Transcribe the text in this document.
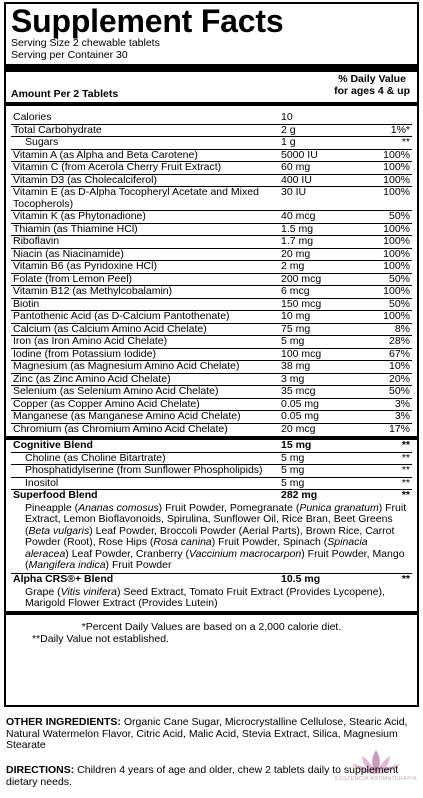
Supplement Facts
Serving Size 2 chewable tablets
Serving per Container 30
Amount Per 2 Tablets
% Daily Value
for ages 4 & up
Calories	10
Total Carbohydrate	2 g	1%*
Sugars	1 g	**
Vitamin A (as Alpha and Beta Carotene)	5000 IU	100%
Vitamin C (from Acerola Cherry Fruit Extract)	60 mg	100%
Vitamin D3 (as Cholecalciferol)	400 IU	100%
Vitamin E (as D-Alpha Tocopheryl Acetate and Mixed Tocopherols)
30 IU	100%
Vitamin K (as Phytonadione)	40 mcg	50%
Thiamin (as Thiamine HCl)	1.5 mg	100%
Riboflavin	1.7 mg	100%
Niacin (as Niacinamide)	20 mg	100%
Vitamin B6 (as Pyridoxine HCl)	2 mg	100%
Folate (from Lemon Peel)	200 mcg	50%
Vitamin B12 (as Methylcobalamin)	6 mcg	100%
Biotin	150 mcg	50%
Pantothenic Acid (as D-Calcium Pantothenate)	10 mg	100%
Calcium (as Calcium Amino Acid Chelate)	75 mg	8%
Iron (as Iron Amino Acid Chelate)	5 mg	28%
Iodine (from Potassium Iodide)	100 mcg	67%
Magnesium (as Magnesium Amino Acid Chelate)	38 mg	10%
Zinc (as Zinc Amino Acid Chelate)	3 mg	20%
Selenium (as Selenium Amino Acid Chelate)	35 mcg	50%
Copper (as Copper Amino Acid Chelate)	0.05 mg	3%
Manganese (as Manganese Amino Acid Chelate)	0.05 mg	3%
Chromium (as Chromium Amino Acid Chelate)	20 mcg	17%
Cognitive Blend	15 mg	**
Choline (as Choline Bitartrate)	5 mg	**
Phosphatidylserine (from Sunflower Phospholipids)	5 mg	**
Inositol	5 mg	**
Superfood Blend	282 mg	**
Pineapple (Ananas comosus) Fruit Powder, Pomegranate (Punica granatum) Fruit Extract, Lemon Bioflavonoids, Spirulina, Sunflower Oil, Rice Bran, Beet Greens (Beta vulgaris) Leaf Powder, Broccoli Powder (Aerial Parts), Brown Rice, Carrot Powder (Root), Rose Hips (Rosa canina) Fruit Powder, Spinach (Spinacia aleracea) Leaf Powder, Cranberry (Vaccinium macrocarpon) Fruit Powder, Mango (Mangifera indica) Fruit Powder
Alpha CRS®+ Blend	10.5 mg	**
Grape (Vitis vinifera) Seed Extract, Tomato Fruit Extract (Provides Lycopene), Marigold Flower Extract (Provides Lutein)
*Percent Daily Values are based on a 2,000 calorie diet.
**Daily Value not established.
OTHER INGREDIENTS: Organic Cane Sugar, Microcrystalline Cellulose, Stearic Acid, Natural Watermelon Flavor, Citric Acid, Malic Acid, Stevia Extract, Silica, Magnesium Stearate
ESSZENCIA AROMATERÁPIA
DIRECTIONS: Children 4 years of age and older, chew 2 tablets daily to supplement dietary needs.
